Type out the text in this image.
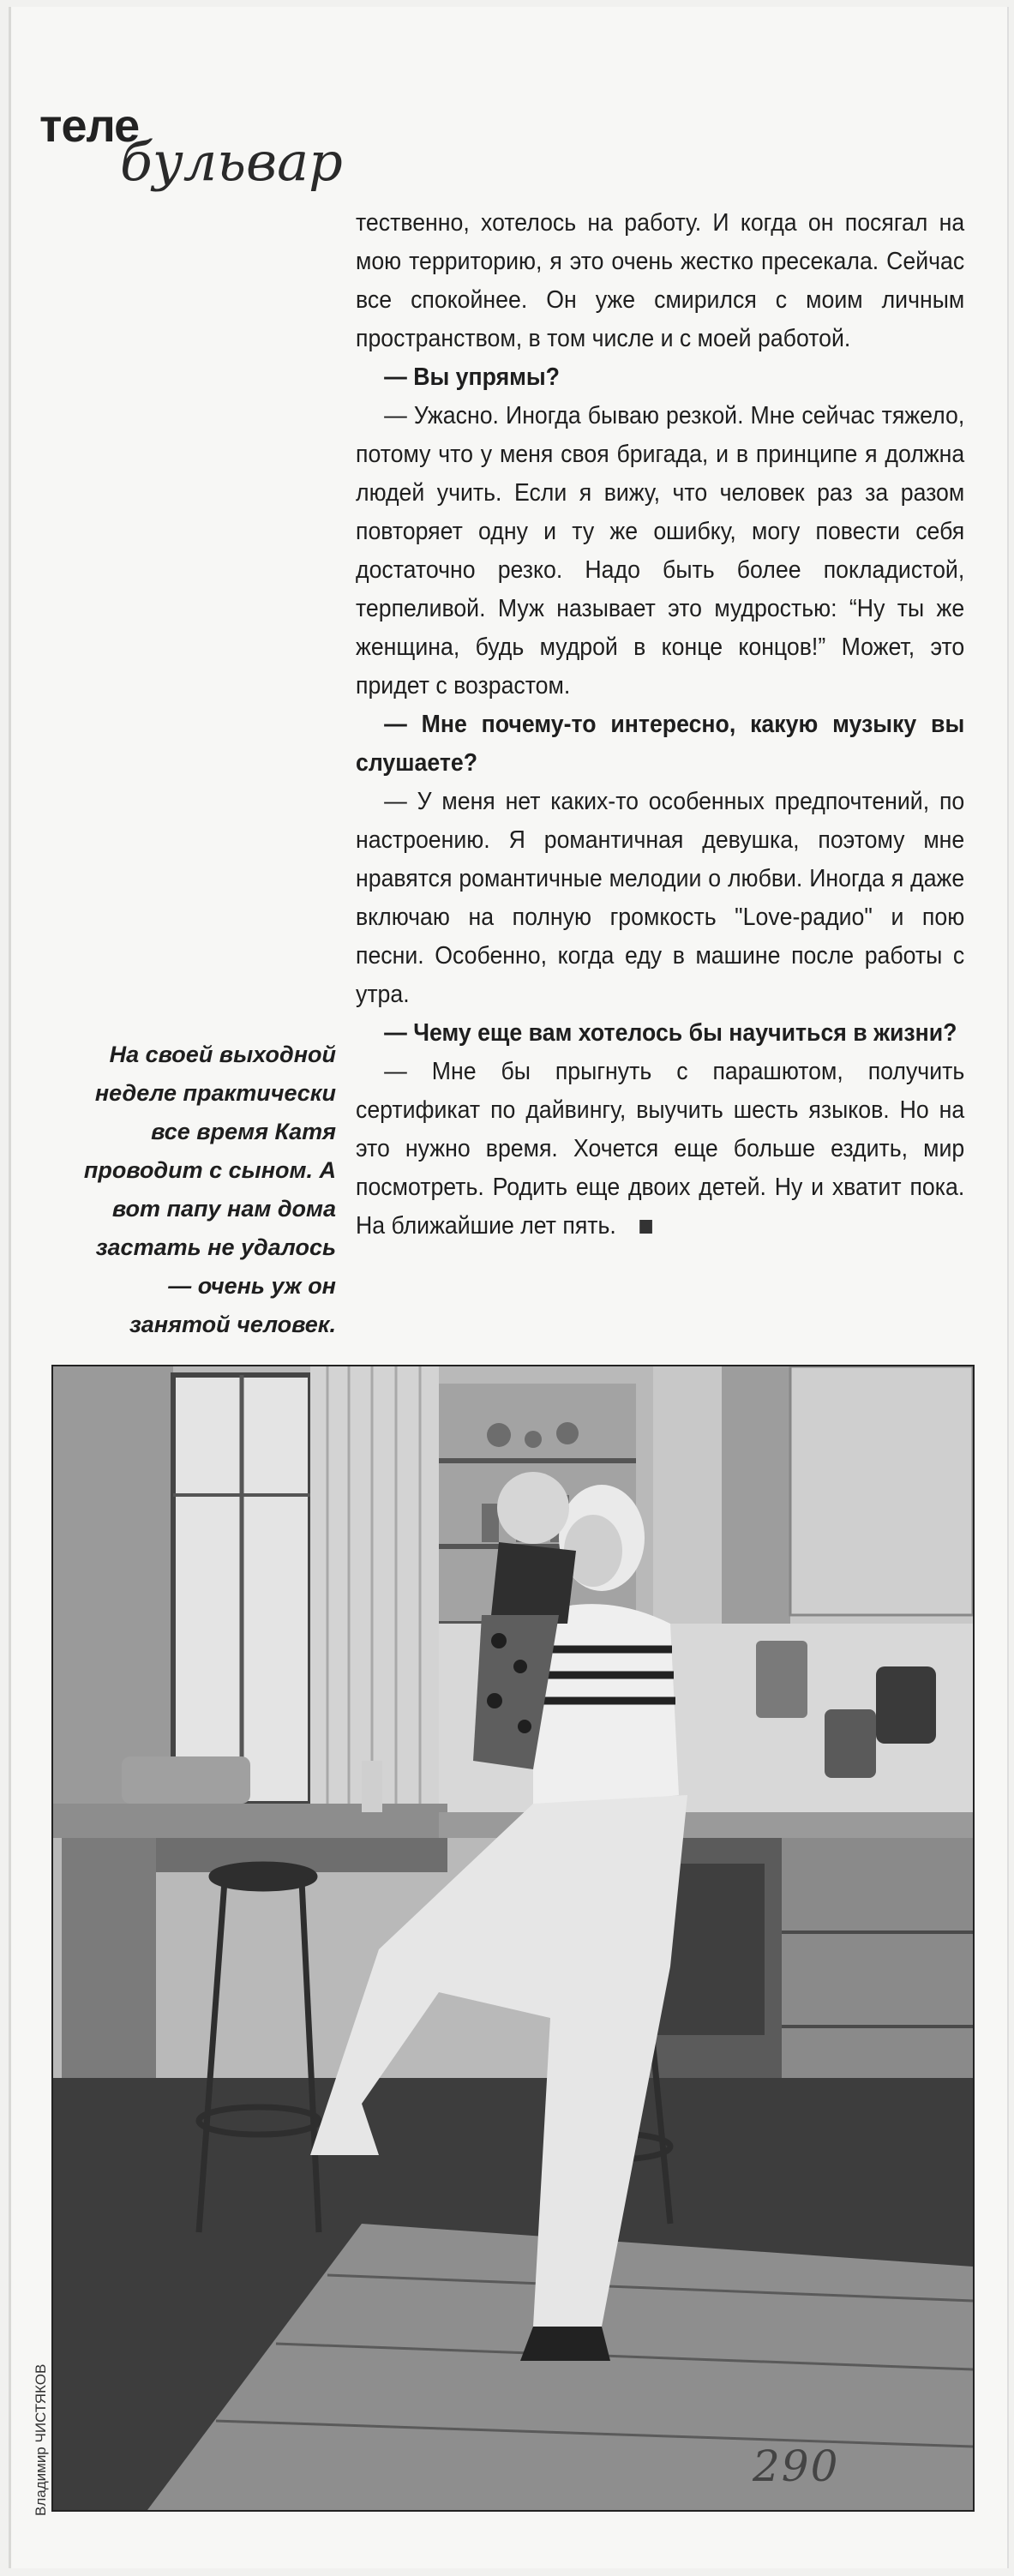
теле
бульвар

тественно, хотелось на работу. И когда он посягал на мою территорию, я это очень жестко пресекала. Сейчас все спокойнее. Он уже смирился с моим личным пространством, в том числе и с моей работой.

— Вы упрямы?

— Ужасно. Иногда бываю резкой. Мне сейчас тяжело, потому что у меня своя бригада, и в принципе я должна людей учить. Если я вижу, что человек раз за разом повторяет одну и ту же ошибку, могу повести себя достаточно резко. Надо быть более покладистой, терпеливой. Муж называет это мудростью: “Ну ты же женщина, будь мудрой в конце концов!” Может, это придет с возрастом.

— Мне почему-то интересно, какую музыку вы слушаете?

— У меня нет каких-то особенных предпочтений, по настроению. Я романтичная девушка, поэтому мне нравятся романтичные мелодии о любви. Иногда я даже включаю на полную громкость "Love-радио" и пою песни. Особенно, когда еду в машине после работы с утра.

— Чему еще вам хотелось бы научиться в жизни?

— Мне бы прыгнуть с парашютом, получить сертификат по дайвингу, выучить шесть языков. Но на это нужно время. Хочется еще больше ездить, мир посмотреть. Родить еще двоих детей. Ну и хватит пока. На ближайшие лет пять.

На своей выходной неделе практически все время Катя проводит с сыном. А вот папу нам дома застать не удалось — очень уж он занятой человек.
Владимир ЧИСТЯКОВ	290
